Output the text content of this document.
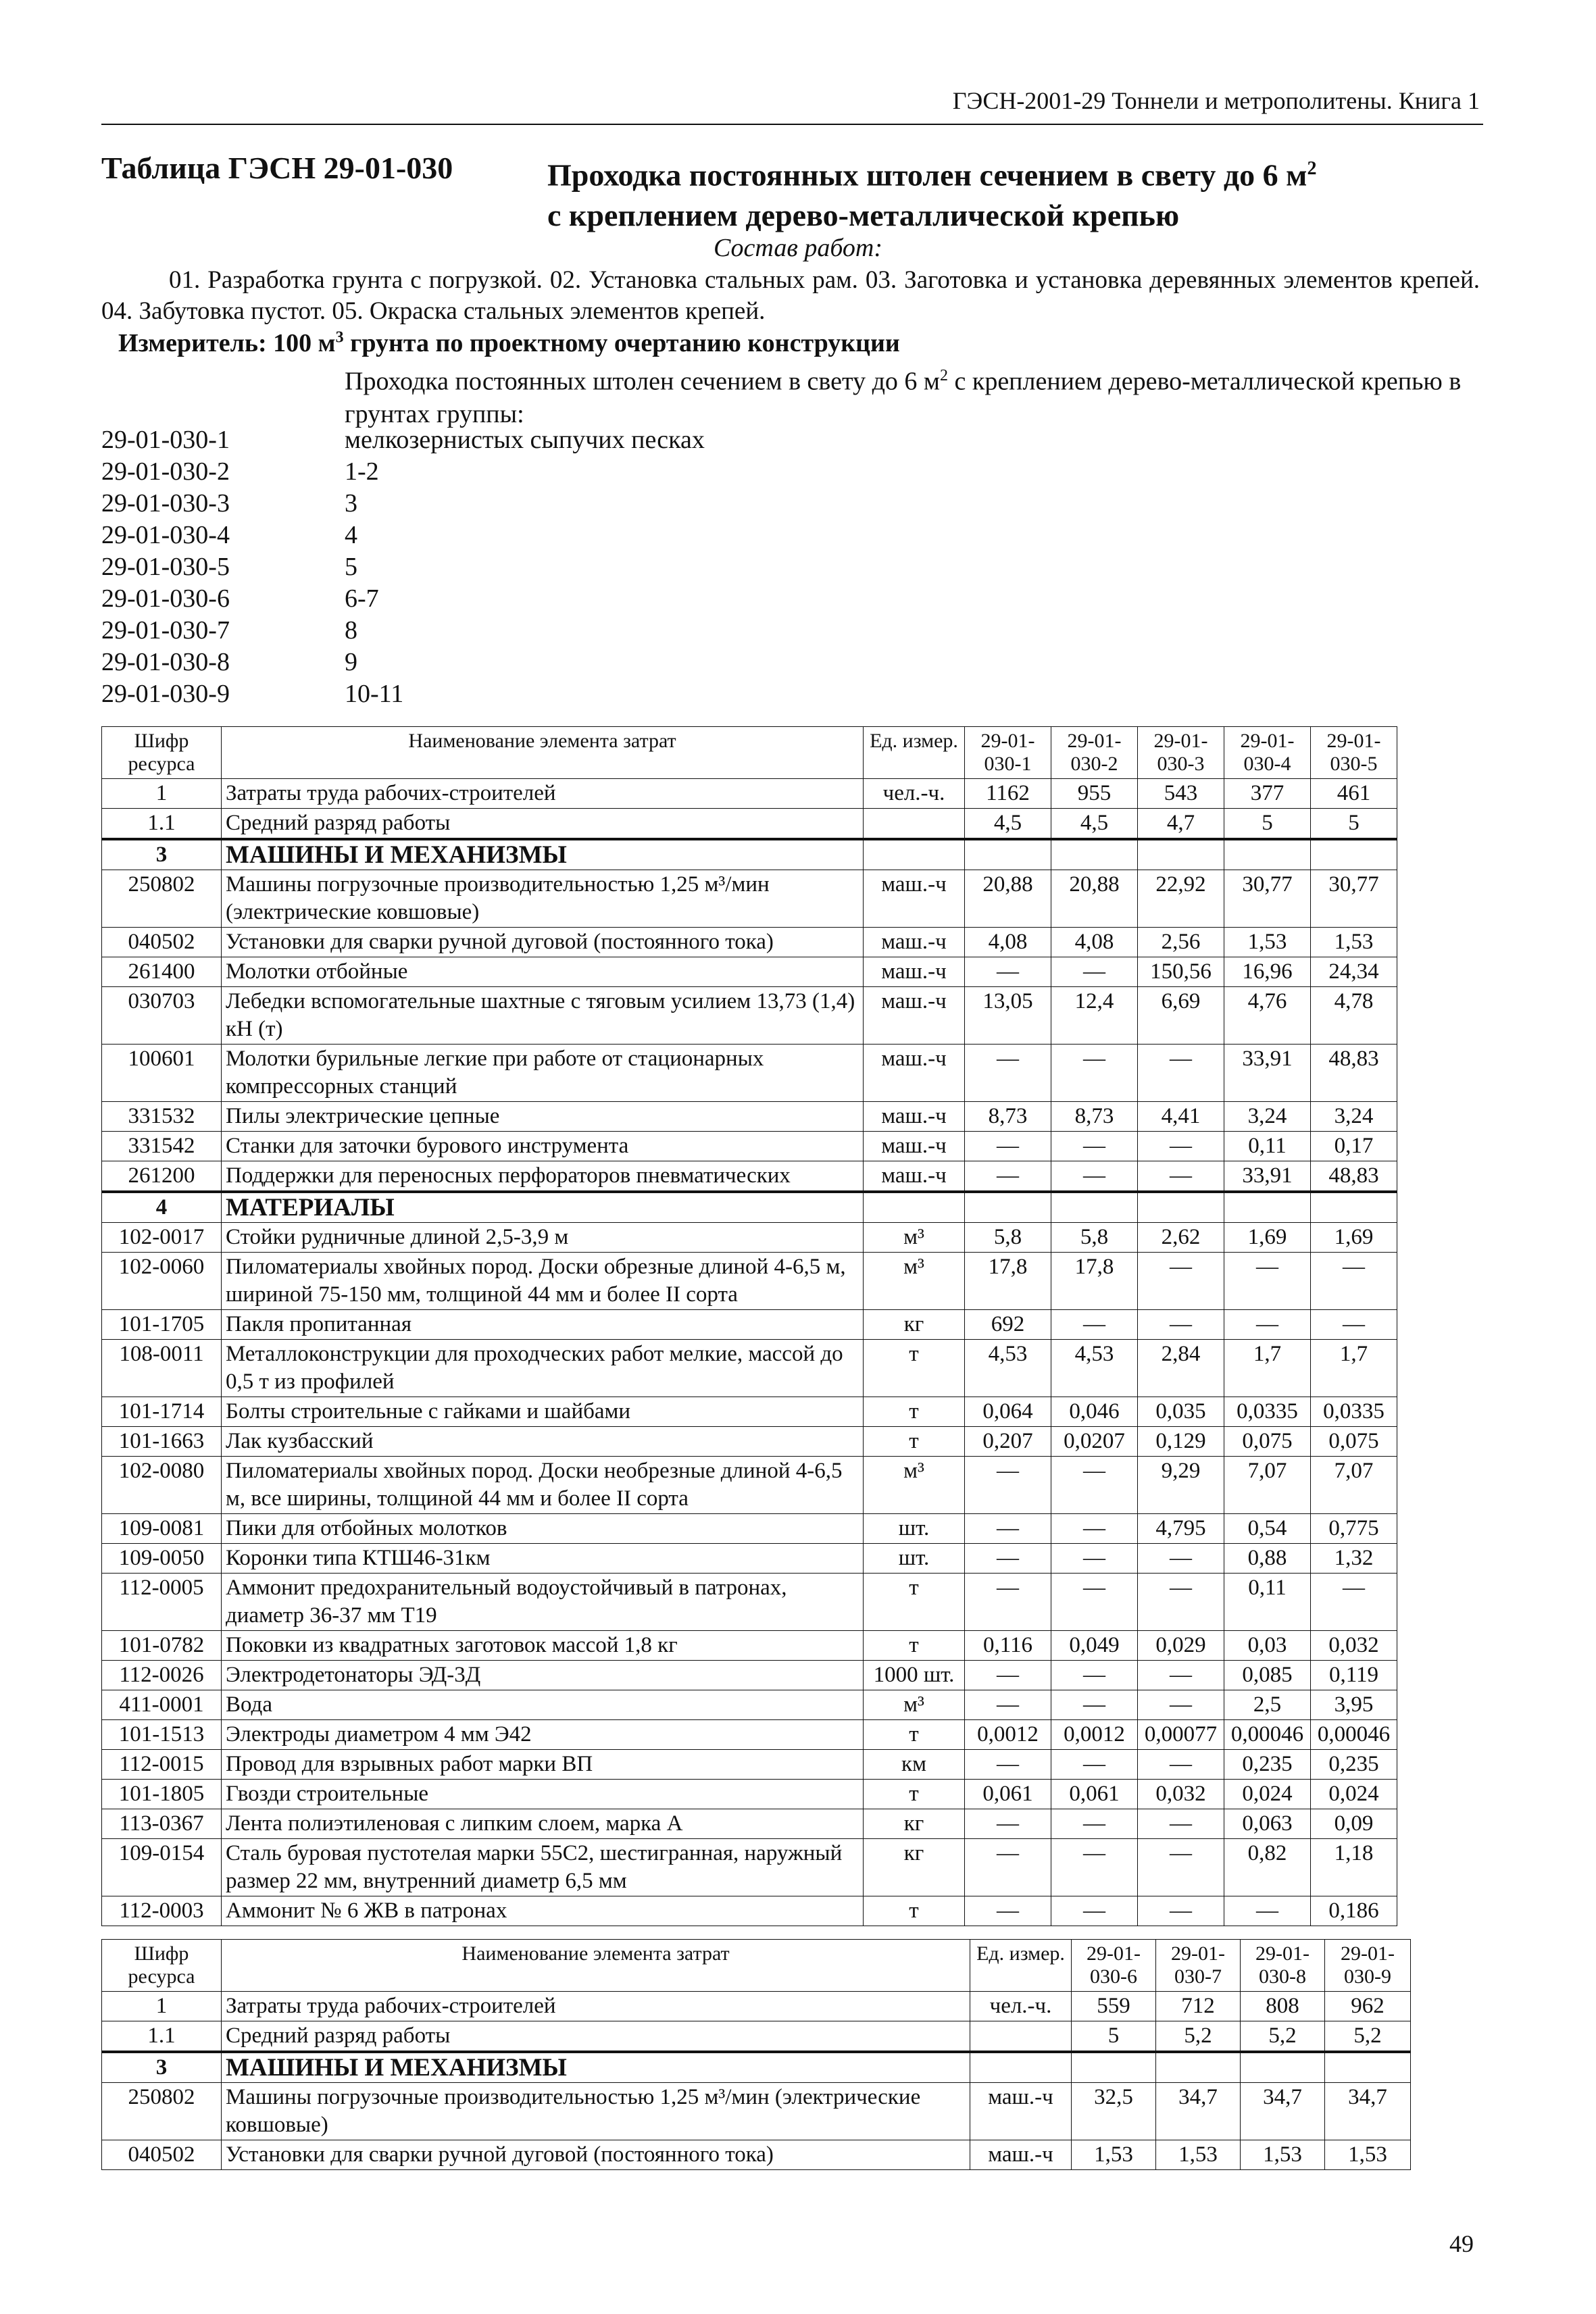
ГЭСН-2001-29 Тоннели и метрополитены. Книга 1
Таблица ГЭСН 29-01-030	Проходка постоянных штолен сечением в свету до 6 $м^2$
с креплением дерево-металлической крепью
Состав работ:
01. Разработка грунта с погрузкой. 02. Установка стальных рам. 03. Заготовка и установка деревянных элементов крепей. 04. Забутовка пустот. 05. Окраска стальных элементов крепей.
Измеритель: 100 $м^3$ грунта по проектному очертанию конструкции
Проходка постоянных штолен сечением в свету до 6 $м^2$ с креплением дерево-металлической крепью в грунтах группы:
29-01-030-1	мелкозернистых сыпучих песках
29-01-030-2	1-2
29-01-030-3	3
29-01-030-4	4
29-01-030-5	5
29-01-030-6	6-7
29-01-030-7	8
29-01-030-8	9
29-01-030-9	10-11
Шифр ресурса	Наименование элемента затрат	Ед. измер.	29-01-030-1	29-01-030-2	29-01-030-3	29-01-030-4	29-01-030-5
1	Затраты труда рабочих-строителей	чел.-ч.	1162	955	543	377	461
1.1	Средний разряд работы		4,5	4,5	4,7	5	5
3	МАШИНЫ И МЕХАНИЗМЫ						
250802	Машины погрузочные производительностью 1,25 м³/мин (электрические ковшовые)	маш.-ч	20,88	20,88	22,92	30,77	30,77
040502	Установки для сварки ручной дуговой (постоянного тока)	маш.-ч	4,08	4,08	2,56	1,53	1,53
261400	Молотки отбойные	маш.-ч	—	—	150,56	16,96	24,34
030703	Лебедки вспомогательные шахтные с тяговым усилием 13,73 (1,4) кН (т)	маш.-ч	13,05	12,4	6,69	4,76	4,78
100601	Молотки бурильные легкие при работе от стационарных компрессорных станций	маш.-ч	—	—	—	33,91	48,83
331532	Пилы электрические цепные	маш.-ч	8,73	8,73	4,41	3,24	3,24
331542	Станки для заточки бурового инструмента	маш.-ч	—	—	—	0,11	0,17
261200	Поддержки для переносных перфораторов пневматических	маш.-ч	—	—	—	33,91	48,83
4	МАТЕРИАЛЫ						
102-0017	Стойки рудничные длиной 2,5-3,9 м	м³	5,8	5,8	2,62	1,69	1,69
102-0060	Пиломатериалы хвойных пород. Доски обрезные длиной 4-6,5 м, шириной 75-150 мм, толщиной 44 мм и более II сорта	м³	17,8	17,8	—	—	—
101-1705	Пакля пропитанная	кг	692	—	—	—	—
108-0011	Металлоконструкции для проходческих работ мелкие, массой до 0,5 т из профилей	т	4,53	4,53	2,84	1,7	1,7
101-1714	Болты строительные с гайками и шайбами	т	0,064	0,046	0,035	0,0335	0,0335
101-1663	Лак кузбасский	т	0,207	0,0207	0,129	0,075	0,075
102-0080	Пиломатериалы хвойных пород. Доски необрезные длиной 4-6,5 м, все ширины, толщиной 44 мм и более II сорта	м³	—	—	9,29	7,07	7,07
109-0081	Пики для отбойных молотков	шт.	—	—	4,795	0,54	0,775
109-0050	Коронки типа КТШ46-31км	шт.	—	—	—	0,88	1,32
112-0005	Аммонит предохранительный водоустойчивый в патронах, диаметр 36-37 мм Т19	т	—	—	—	0,11	—
101-0782	Поковки из квадратных заготовок массой 1,8 кг	т	0,116	0,049	0,029	0,03	0,032
112-0026	Электродетонаторы ЭД-3Д	1000 шт.	—	—	—	0,085	0,119
411-0001	Вода	м³	—	—	—	2,5	3,95
101-1513	Электроды диаметром 4 мм Э42	т	0,0012	0,0012	0,00077	0,00046	0,00046
112-0015	Провод для взрывных работ марки ВП	км	—	—	—	0,235	0,235
101-1805	Гвозди строительные	т	0,061	0,061	0,032	0,024	0,024
113-0367	Лента полиэтиленовая с липким слоем, марка А	кг	—	—	—	0,063	0,09
109-0154	Сталь буровая пустотелая марки 55С2, шестигранная, наружный размер 22 мм, внутренний диаметр 6,5 мм	кг	—	—	—	0,82	1,18
112-0003	Аммонит № 6 ЖВ в патронах	т	—	—	—	—	0,186
Шифр ресурса	Наименование элемента затрат	Ед. измер.	29-01-030-6	29-01-030-7	29-01-030-8	29-01-030-9
1	Затраты труда рабочих-строителей	чел.-ч.	559	712	808	962
1.1	Средний разряд работы		5	5,2	5,2	5,2
3	МАШИНЫ И МЕХАНИЗМЫ					
250802	Машины погрузочные производительностью 1,25 м³/мин (электрические ковшовые)	маш.-ч	32,5	34,7	34,7	34,7
040502	Установки для сварки ручной дуговой (постоянного тока)	маш.-ч	1,53	1,53	1,53	1,53
49
